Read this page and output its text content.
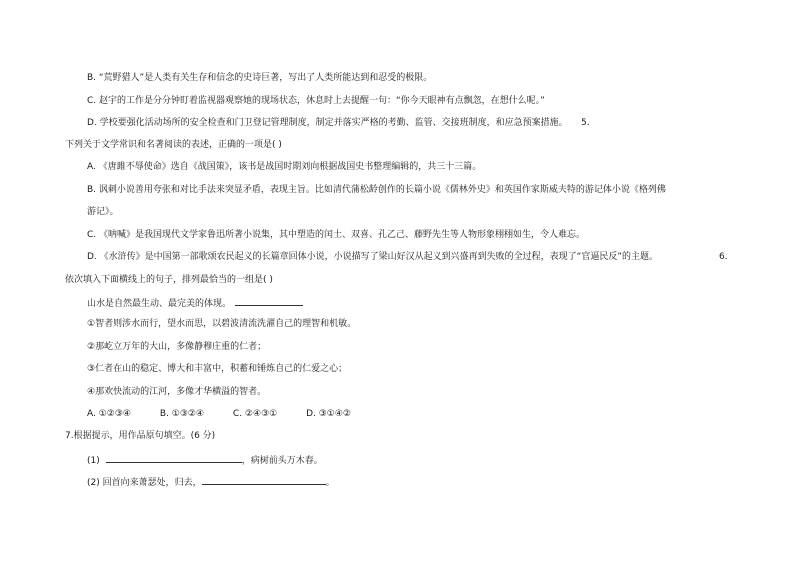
B. “荒野猎人”是人类有关生存和信念的史诗巨著，写出了人类所能达到和忍受的极限。
C. 赵宇的工作是分分钟盯着监视器观察她的现场状态，休息时上去提醒一句：“你今天眼神有点飘忽，在想什么呢。”
D. 学校要强化活动场所的安全检查和门卫登记管理制度，制定并落实严格的考勤、监管、交接班制度，和应急预案措施。 5.
下列关于文学常识和名著阅读的表述，正确的一项是( )
A. 《唐雎不辱使命》选自《战国策》，该书是战国时期刘向根据战国史书整理编辑的，共三十三篇。
B. 讽刺小说善用夸张和对比手法来突显矛盾，表现主旨。比如清代蒲松龄创作的长篇小说《儒林外史》和英国作家斯威夫特的游记体小说《格列佛
游记》。
C. 《呐喊》是我国现代文学家鲁迅所著小说集，其中塑造的闰土、双喜、孔乙己、藤野先生等人物形象栩栩如生，令人难忘。
D. 《水浒传》是中国第一部歌颂农民起义的长篇章回体小说，小说描写了梁山好汉从起义到兴盛再到失败的全过程，表现了“官逼民反”的主题。	6.
依次填入下面横线上的句子，排列最恰当的一组是( )
山水是自然最生动、最完美的体现。
①智者则涉水而行，望水而思，以碧波清流洗濯自己的理智和机敏。
②那屹立万年的大山，多像静穆庄重的仁者；
③仁者在山的稳定、博大和丰富中，积蓄和锤炼自己的仁爱之心；
④那欢快流动的江河，多像才华横溢的智者。
A. ①②③④	B. ①③②④	C. ②④③①	D. ③①④②
7.根据提示，用作品原句填空。(6 分)
(1)	，病树前头万木春。
(2) 回首向来萧瑟处，归去，	。
